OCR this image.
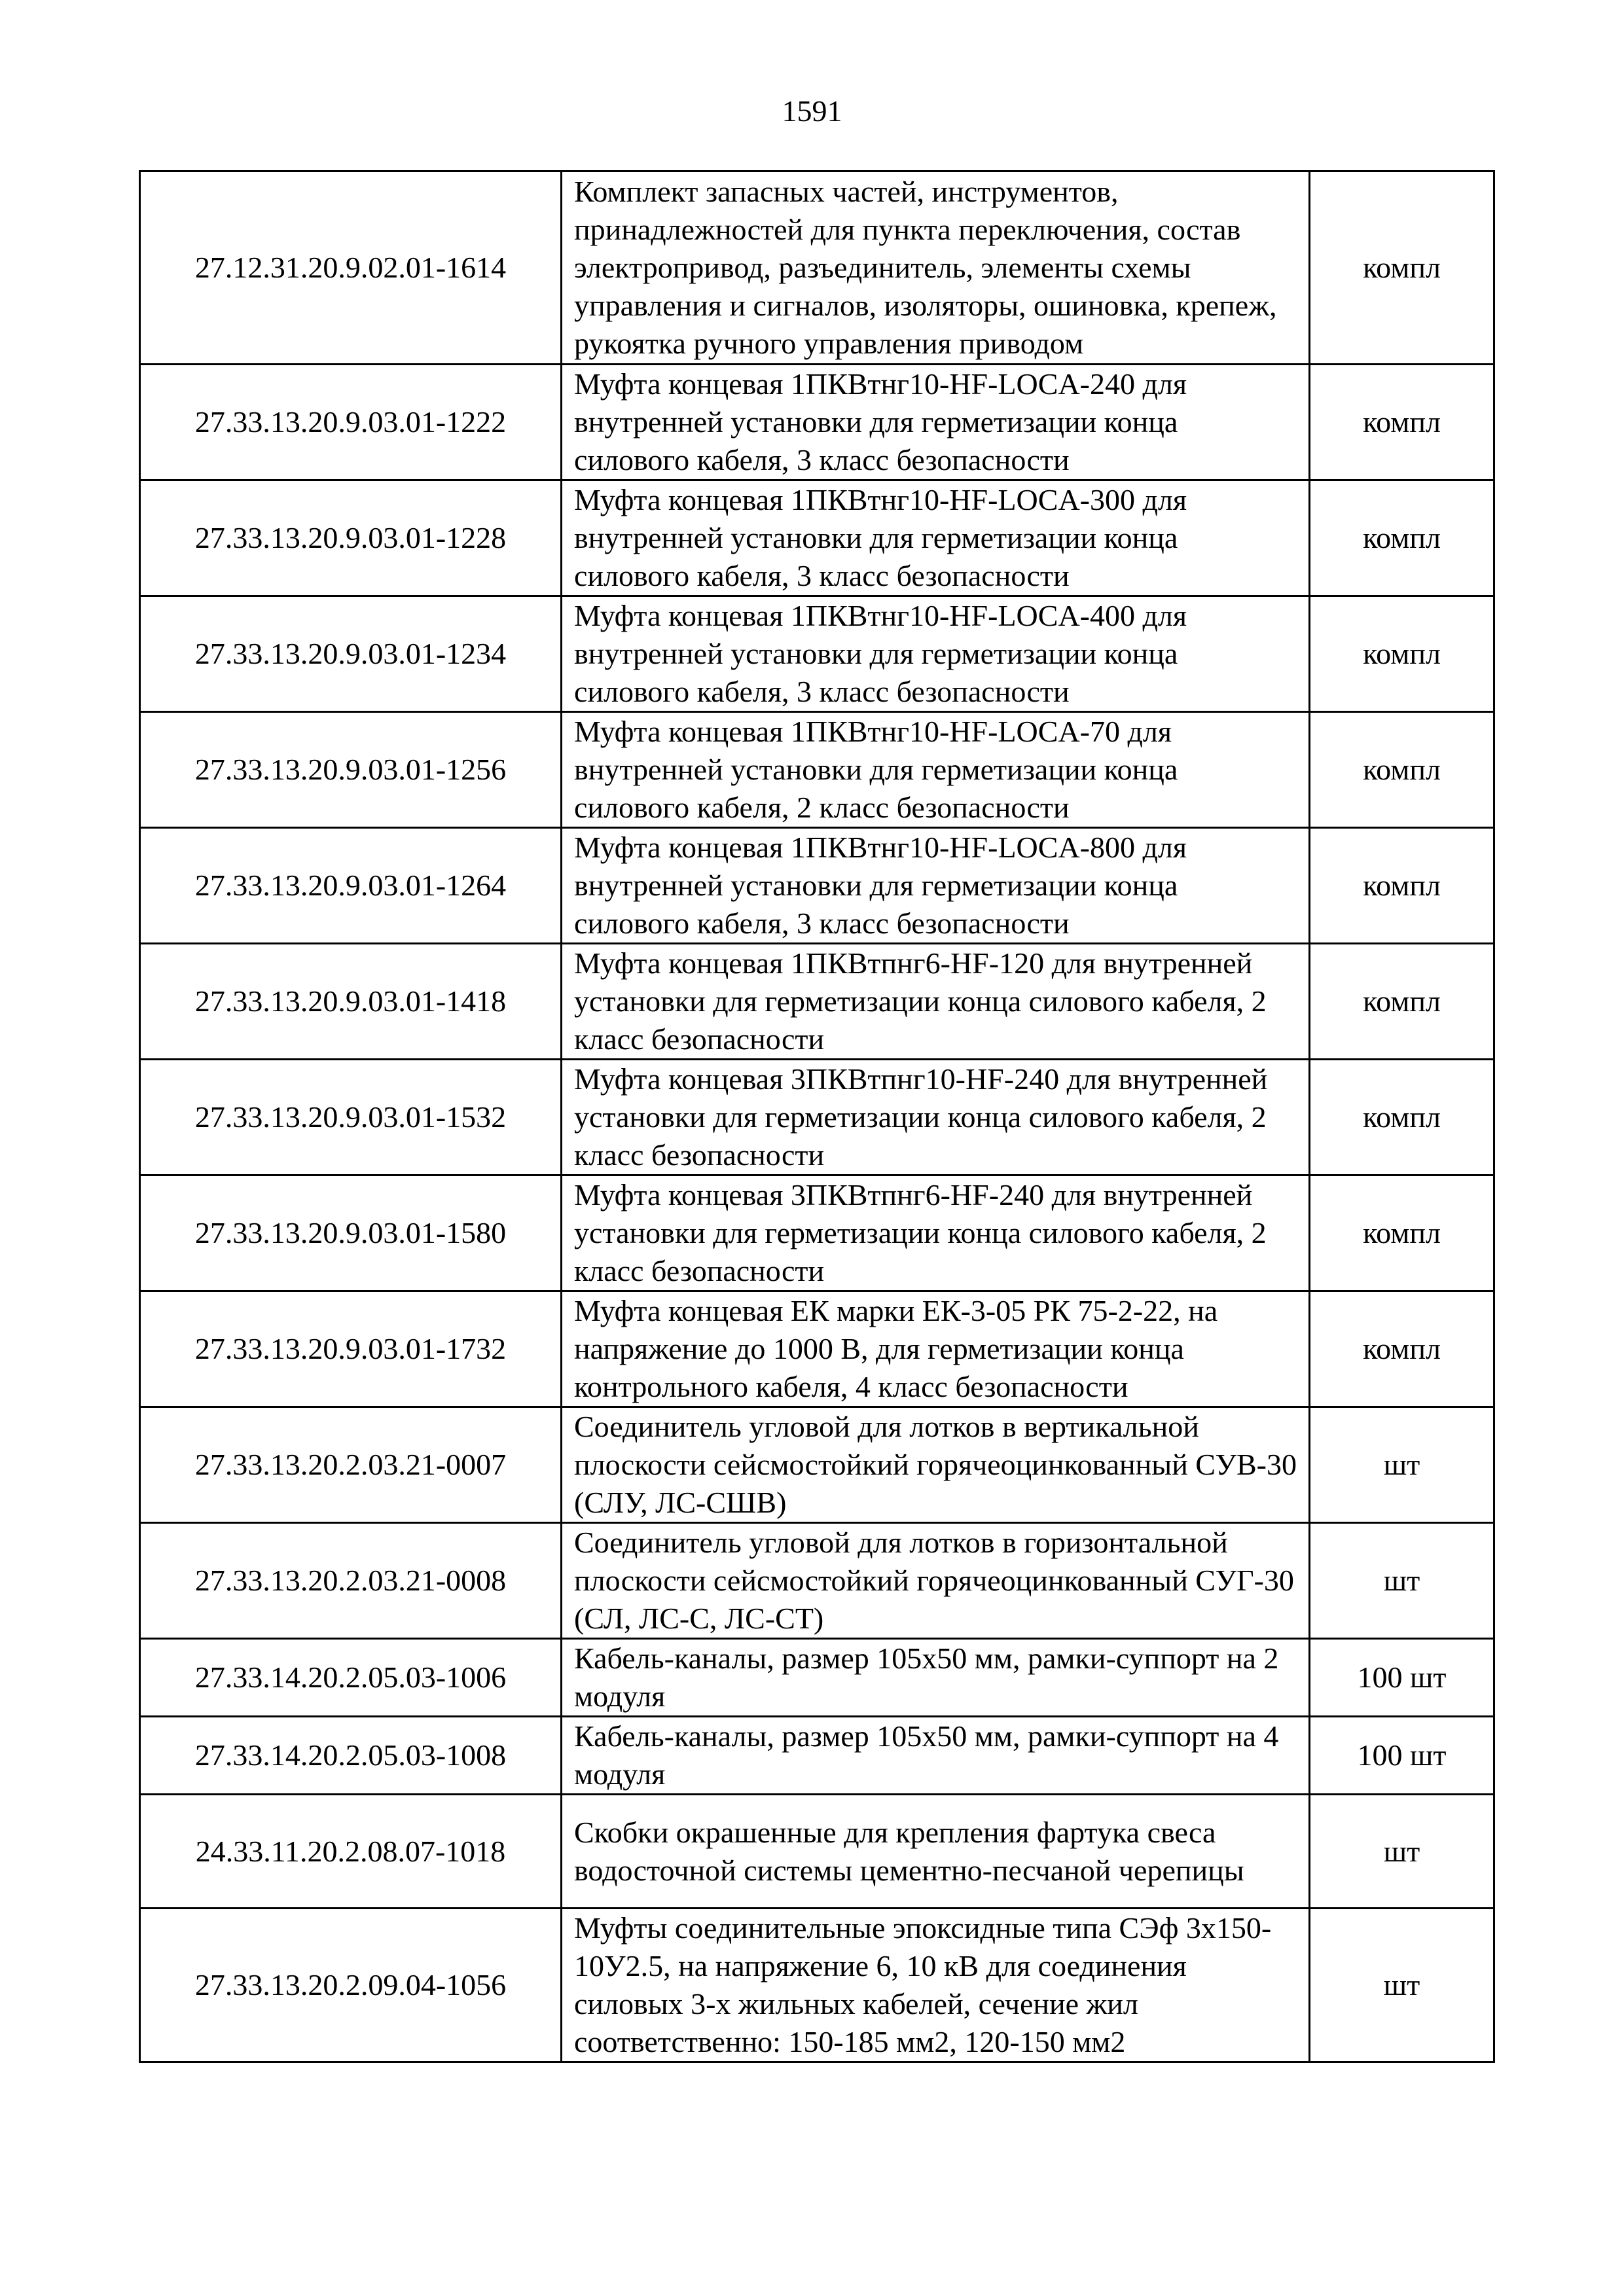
1591
27.12.31.20.9.02.01-1614	Комплект запасных частей, инструментов, принадлежностей для пункта переключения, состав электропривод, разъединитель, элементы схемы управления и сигналов, изоляторы, ошиновка, крепеж, рукоятка ручного управления приводом	компл
27.33.13.20.9.03.01-1222	Муфта концевая 1ПКВтнг10-HF-LOCA-240 для внутренней установки для герметизации конца силового кабеля, 3 класс безопасности	компл
27.33.13.20.9.03.01-1228	Муфта концевая 1ПКВтнг10-HF-LOCA-300 для внутренней установки для герметизации конца силового кабеля, 3 класс безопасности	компл
27.33.13.20.9.03.01-1234	Муфта концевая 1ПКВтнг10-HF-LOCA-400 для внутренней установки для герметизации конца силового кабеля, 3 класс безопасности	компл
27.33.13.20.9.03.01-1256	Муфта концевая 1ПКВтнг10-HF-LOCA-70 для внутренней установки для герметизации конца силового кабеля, 2 класс безопасности	компл
27.33.13.20.9.03.01-1264	Муфта концевая 1ПКВтнг10-HF-LOCA-800 для внутренней установки для герметизации конца силового кабеля, 3 класс безопасности	компл
27.33.13.20.9.03.01-1418	Муфта концевая 1ПКВтпнг6-HF-120 для внутренней установки для герметизации конца силового кабеля, 2 класс безопасности	компл
27.33.13.20.9.03.01-1532	Муфта концевая 3ПКВтпнг10-HF-240 для внутренней установки для герметизации конца силового кабеля, 2 класс безопасности	компл
27.33.13.20.9.03.01-1580	Муфта концевая 3ПКВтпнг6-HF-240 для внутренней установки для герметизации конца силового кабеля, 2 класс безопасности	компл
27.33.13.20.9.03.01-1732	Муфта концевая ЕК марки ЕК-3-05 РК 75-2-22, на напряжение до 1000 В, для герметизации конца контрольного кабеля, 4 класс безопасности	компл
27.33.13.20.2.03.21-0007	Соединитель угловой для лотков в вертикальной плоскости сейсмостойкий горячеоцинкованный СУВ-30 (СЛУ, ЛС-СШВ)	шт
27.33.13.20.2.03.21-0008	Соединитель угловой для лотков в горизонтальной плоскости сейсмостойкий горячеоцинкованный СУГ-30 (СЛ, ЛС-С, ЛС-СТ)	шт
27.33.14.20.2.05.03-1006	Кабель-каналы, размер 105х50 мм, рамки-суппорт на 2 модуля	100 шт
27.33.14.20.2.05.03-1008	Кабель-каналы, размер 105х50 мм, рамки-суппорт на 4 модуля	100 шт
24.33.11.20.2.08.07-1018	Скобки окрашенные для крепления фартука свеса водосточной системы цементно-песчаной черепицы	шт
27.33.13.20.2.09.04-1056	Муфты соединительные эпоксидные типа СЭф 3х150-10У2.5, на напряжение 6, 10 кВ для соединения силовых 3-х жильных кабелей, сечение жил соответственно: 150-185 мм2, 120-150 мм2	шт
